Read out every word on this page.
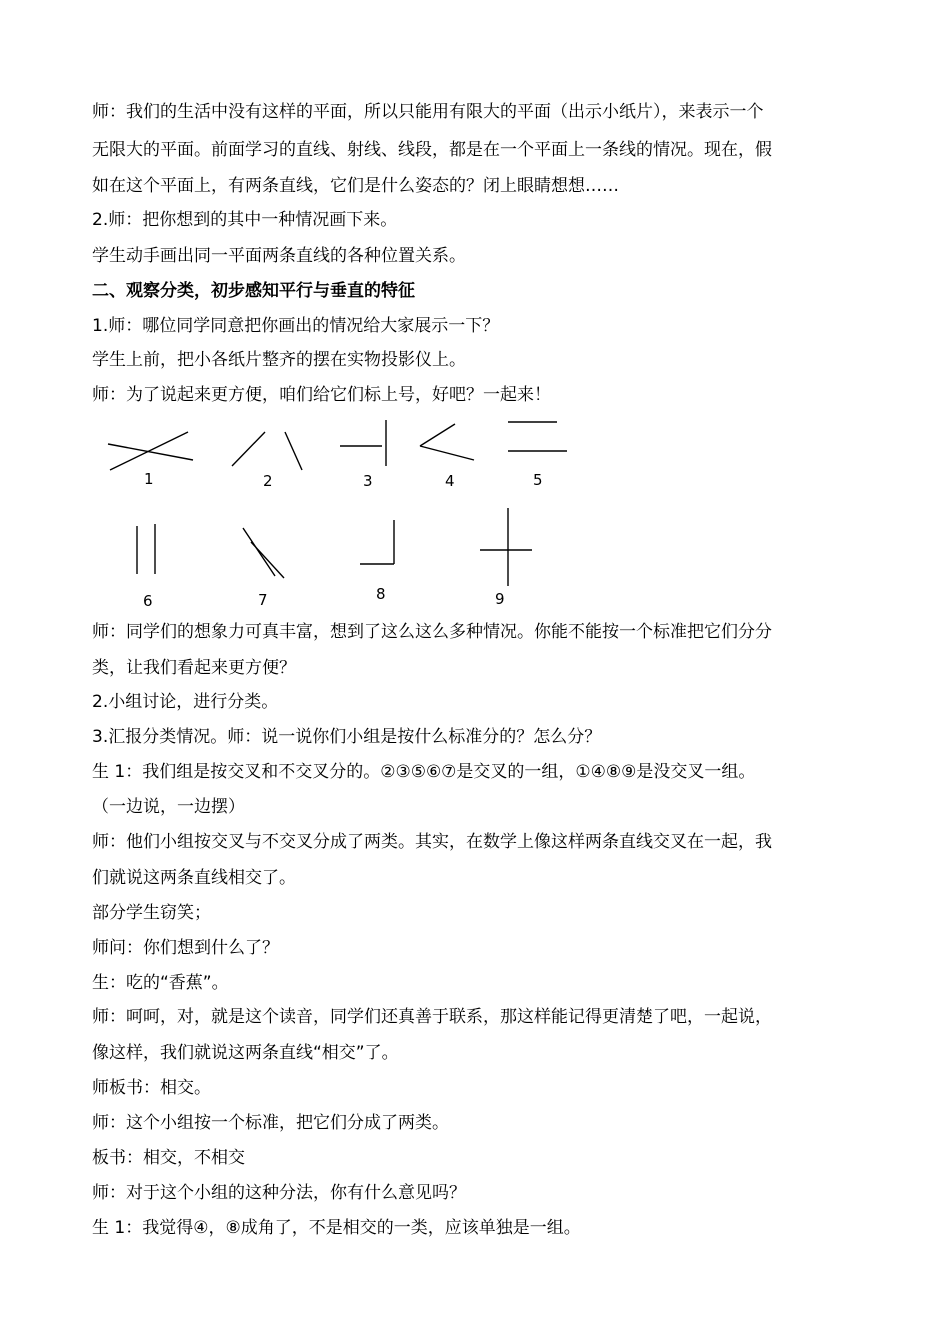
师：我们的生活中没有这样的平面，所以只能用有限大的平面（出示小纸片），来表示一个
无限大的平面。前面学习的直线、射线、线段，都是在一个平面上一条线的情况。现在，假
如在这个平面上，有两条直线，它们是什么姿态的？闭上眼睛想想……
2.师：把你想到的其中一种情况画下来。
学生动手画出同一平面两条直线的各种位置关系。
二、观察分类，初步感知平行与垂直的特征
1.师：哪位同学同意把你画出的情况给大家展示一下？
学生上前，把小各纸片整齐的摆在实物投影仪上。
师：为了说起来更方便，咱们给它们标上号，好吧？一起来！
1	2	3	4	5
6	7	8	9
师：同学们的想象力可真丰富，想到了这么这么多种情况。你能不能按一个标准把它们分分
类，让我们看起来更方便？
2.小组讨论，进行分类。
3.汇报分类情况。师：说一说你们小组是按什么标准分的？怎么分？
生 1：我们组是按交叉和不交叉分的。②③⑤⑥⑦是交叉的一组，①④⑧⑨是没交叉一组。
（一边说，一边摆）
师：他们小组按交叉与不交叉分成了两类。其实，在数学上像这样两条直线交叉在一起，我
们就说这两条直线相交了。
部分学生窃笑；
师问：你们想到什么了？
生：吃的“香蕉”。
师：呵呵，对，就是这个读音，同学们还真善于联系，那这样能记得更清楚了吧，一起说，
像这样，我们就说这两条直线“相交”了。
师板书：相交。
师：这个小组按一个标准，把它们分成了两类。
板书：相交，不相交
师：对于这个小组的这种分法，你有什么意见吗？
生 1：我觉得④，⑧成角了，不是相交的一类，应该单独是一组。
